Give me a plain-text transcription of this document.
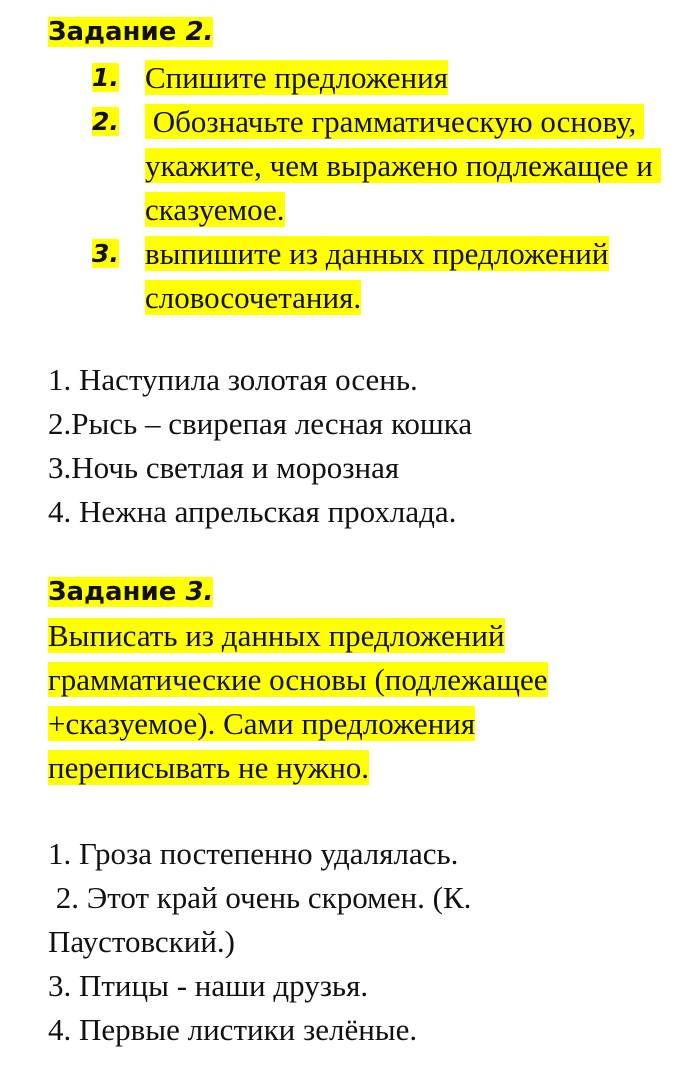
Задание 2.
1. Спишите предложения
2. Обозначьте грамматическую основу, укажите, чем выражено подлежащее и сказуемое.
3. выпишите из данных предложений словосочетания.
1. Наступила золотая осень.
2.Рысь – свирепая лесная кошка
3.Ночь светлая и морозная
4. Нежна апрельская прохлада.
Задание 3.

Выписать из данных предложений грамматические основы (подлежащее +сказуемое). Сами предложения переписывать не нужно.

1. Гроза постепенно удалялась.
2. Этот край очень скромен. (К. Паустовский.)
3. Птицы - наши друзья.
4. Первые листики зелёные.
